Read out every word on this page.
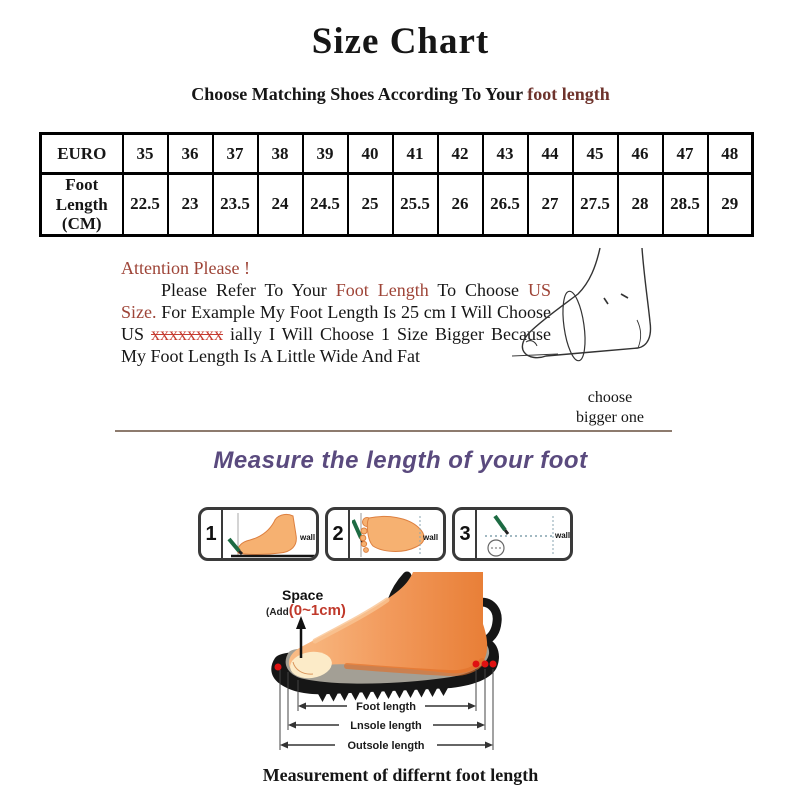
Size Chart
Choose Matching Shoes According To Your foot length
EURO	35	36	37	38	39	40	41	42	43	44	45	46	47	48
Foot Length (CM)	22.5	23	23.5	24	24.5	25	25.5	26	26.5	27	27.5	28	28.5	29
Attention Please !

Please Refer To Your Foot Length To Choose US Size. For Example My Foot Length Is 25 cm I Will Choose US xxxxxxxx ially I Will Choose 1 Size Bigger Because My Foot Length Is A Little Wide And Fat

choose
bigger one
Measure the length of your foot
1	wall 2	wall 3	wall
Foot length
Lnsole length
Outsole length
Space
(Add(0~1cm)
Measurement of differnt foot length
